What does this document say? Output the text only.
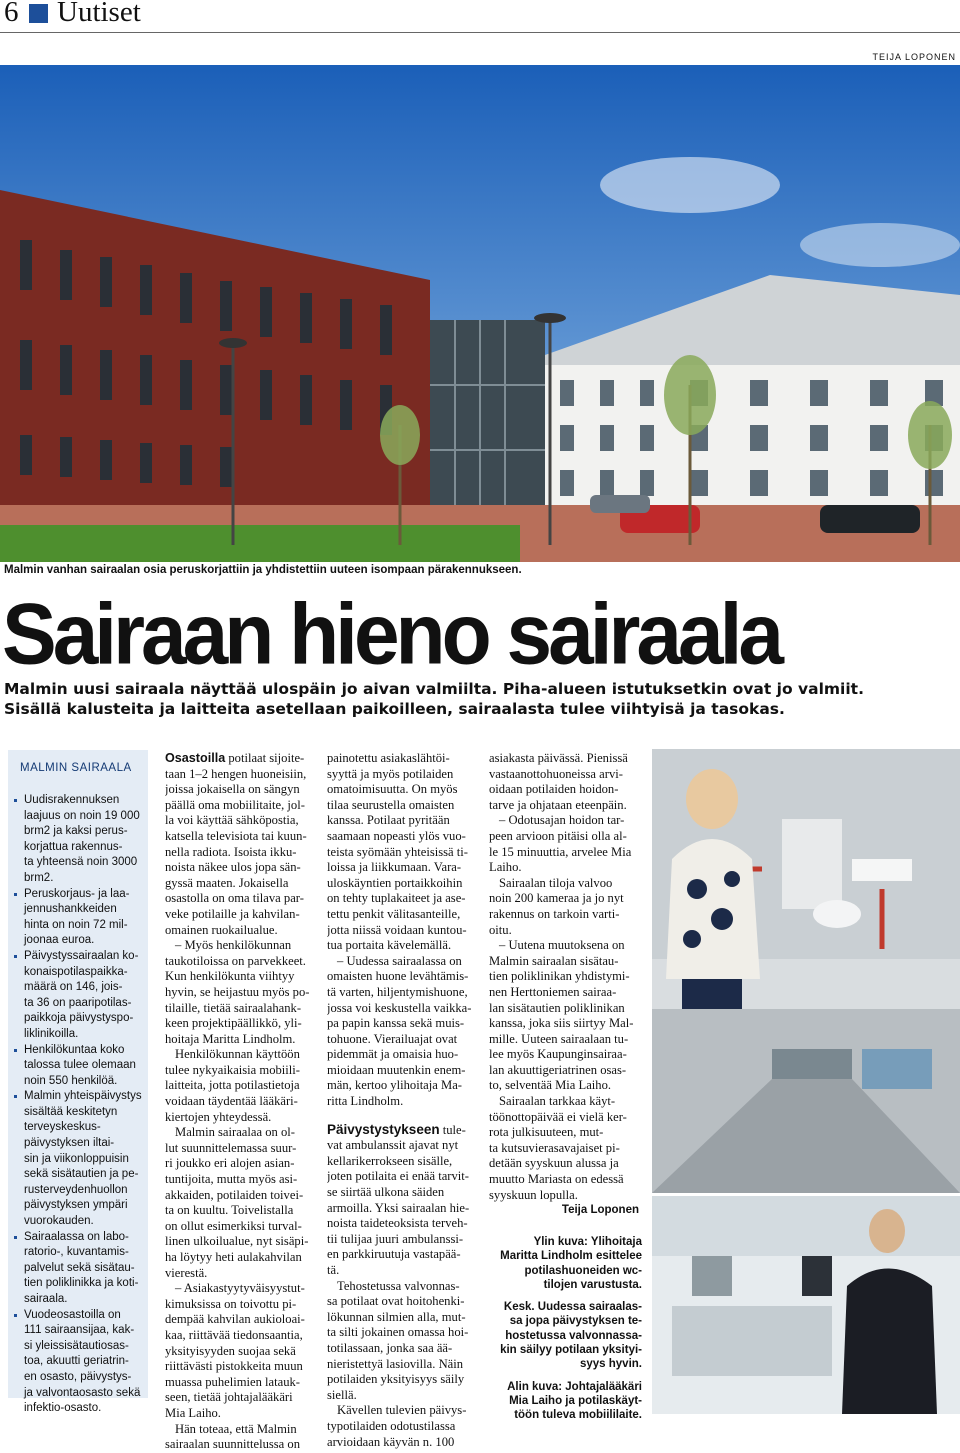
6 Uutiset
TEIJA LOPONEN
Malmin vanhan sairaalan osia peruskorjattiin ja yhdistettiin uuteen isompaan pärakennukseen.
Sairaan hieno sairaala
Malmin uusi sairaala näyttää ulospäin jo aivan valmiilta. Piha-alueen istutuksetkin ovat jo valmiit.
Sisällä kalusteita ja laitteita asetellaan paikoilleen, sairaalasta tulee viihtyisä ja tasokas.
MALMIN SAIRAALA
Uudisrakennuksen
laajuus on noin 19 000
brm2 ja kaksi perus-
korjattua rakennus-
ta yhteensä noin 3000
brm2.
Peruskorjaus- ja laa-
jennushankkeiden
hinta on noin 72 mil-
joonaa euroa.
Päivystyssairaalan ko-
konaispotilaspaikka-
määrä on 146, jois-
ta 36 on paaripotilas-
paikkoja päivystyspo-
liklinikoilla.
Henkilökuntaa koko
talossa tulee olemaan
noin 550 henkilöä.
Malmin yhteispäivystys
sisältää keskitetyn
terveyskeskus-
päivystyksen iltai-
sin ja viikonloppuisin
sekä sisätautien ja pe-
rusterveydenhuollon
päivystyksen ympäri
vuorokauden.
Sairaalassa on labo-
ratorio-, kuvantamis-
palvelut sekä sisätau-
tien poliklinikka ja koti-
sairaala.
Vuodeosastoilla on
111 sairaansijaa, kak-
si yleissisätautiosas-
toa, akuutti geriatrin-
en osasto, päivystys-
ja valvontaosasto sekä
infektio-osasto.
Osastoilla potilaat sijoite-
taan 1–2 hengen huoneisiin,
joissa jokaisella on sängyn
päällä oma mobiilitaite, jol-
la voi käyttää sähköpostia,
katsella televisiota tai kuun-
nella radiota. Isoista ikku-
noista näkee ulos jopa sän-
gyssä maaten. Jokaisella
osastolla on oma tilava par-
veke potilaille ja kahvilan-
omainen ruokailualue.
– Myös henkilökunnan
taukotiloissa on parvekkeet.
Kun henkilökunta viihtyy
hyvin, se heijastuu myös po-
tilaille, tietää sairaalahank-
keen projektipäällikkö, yli-
hoitaja Maritta Lindholm.
Henkilökunnan käyttöön
tulee nykyaikaisia mobiili-
laitteita, jotta potilastietoja
voidaan täydentää lääkäri-
kiertojen yhteydessä.
Malmin sairaalaa on ol-
lut suunnittelemassa suur-
ri joukko eri alojen asian-
tuntijoita, mutta myös asi-
akkaiden, potilaiden toivei-
ta on kuultu. Toivelistalla
on ollut esimerkiksi turval-
linen ulkoilualue, nyt sisäpi-
ha löytyy heti aulakahvilan
vierestä.
– Asiakastyytyväisyystut-
kimuksissa on toivottu pi-
dempää kahvilan aukioloai-
kaa, riittävää tiedonsaantia,
yksityisyyden suojaa sekä
riittävästi pistokkeita muun
muassa puhelimien latauk-
seen, tietää johtajalääkäri
Mia Laiho.
Hän toteaa, että Malmin
sairaalan suunnittelussa on
painotettu asiakaslähtöi-
syyttä ja myös potilaiden
omatoimisuutta. On myös
tilaa seurustella omaisten
kanssa. Potilaat pyritään
saamaan nopeasti ylös vuo-
teista syömään yhteisissä ti-
loissa ja liikkumaan. Vara-
uloskäyntien portaikkoihin
on tehty tuplakaiteet ja ase-
tettu penkit välitasanteille,
jotta niissä voidaan kuntou-
tua portaita kävelemällä.
– Uudessa sairaalassa on
omaisten huone levähtämis-
tä varten, hiljentymishuone,
jossa voi keskustella vaikka-
pa papin kanssa sekä muis-
tohuone. Vierailuajat ovat
pidemmät ja omaisia huo-
mioidaan muutenkin enem-
män, kertoo ylihoitaja Ma-
ritta Lindholm.
Päivystystykseen tule-
vat ambulanssit ajavat nyt
kellarikerrokseen sisälle,
joten potilaita ei enää tarvit-
se siirtää ulkona säiden
armoilla. Yksi sairaalan hie-
noista taideteoksista terveh-
tii tulijaa juuri ambulanssi-
en parkkiruutuja vastapää-
tä.
Tehostetussa valvonnas-
sa potilaat ovat hoitohenki-
lökunnan silmien alla, mut-
ta silti jokainen omassa hoi-
totilassaan, jonka saa ää-
nieristettyä lasiovilla. Näin
potilaiden yksityisyys säily
siellä.
Kävellen tulevien päivys-
typotilaiden odotustilassa
arvioidaan käyvän n. 100
asiakasta päivässä. Pienissä
vastaanottohuoneissa arvi-
oidaan potilaiden hoidon-
tarve ja ohjataan eteenpäin.
– Odotusajan hoidon tar-
peen arvioon pitäisi olla al-
le 15 minuuttia, arvelee Mia
Laiho.
Sairaalan tiloja valvoo
noin 200 kameraa ja jo nyt
rakennus on tarkoin varti-
oitu.
– Uutena muutoksena on
Malmin sairaalan sisätau-
tien poliklinikan yhdistymi-
nen Herttoniemen sairaa-
lan sisätautien poliklinikan
kanssa, joka siis siirtyy Mal-
mille. Uuteen sairaalaan tu-
lee myös Kaupunginsairaa-
lan akuuttigeriatrinen osas-
to, selventää Mia Laiho.
Sairaalan tarkkaa käyt-
töönottopäivää ei vielä ker-
rota julkisuuteen, mut-
ta kutsuvierasavajaiset pi-
detään syyskuun alussa ja
muutto Mariasta on edessä
syyskuun lopulla.
Teija Loponen
Ylin kuva: Ylihoitaja
Maritta Lindholm esittelee
potilashuoneiden wc-
tilojen varustusta.
Kesk. Uudessa sairaalas-
sa jopa päivystyksen te-
hostetussa valvonnassa-
kin säilyy potilaan yksityi-
syys hyvin.
Alin kuva: Johtajalääkäri
Mia Laiho ja potilaskäyt-
töön tuleva mobiililaite.
